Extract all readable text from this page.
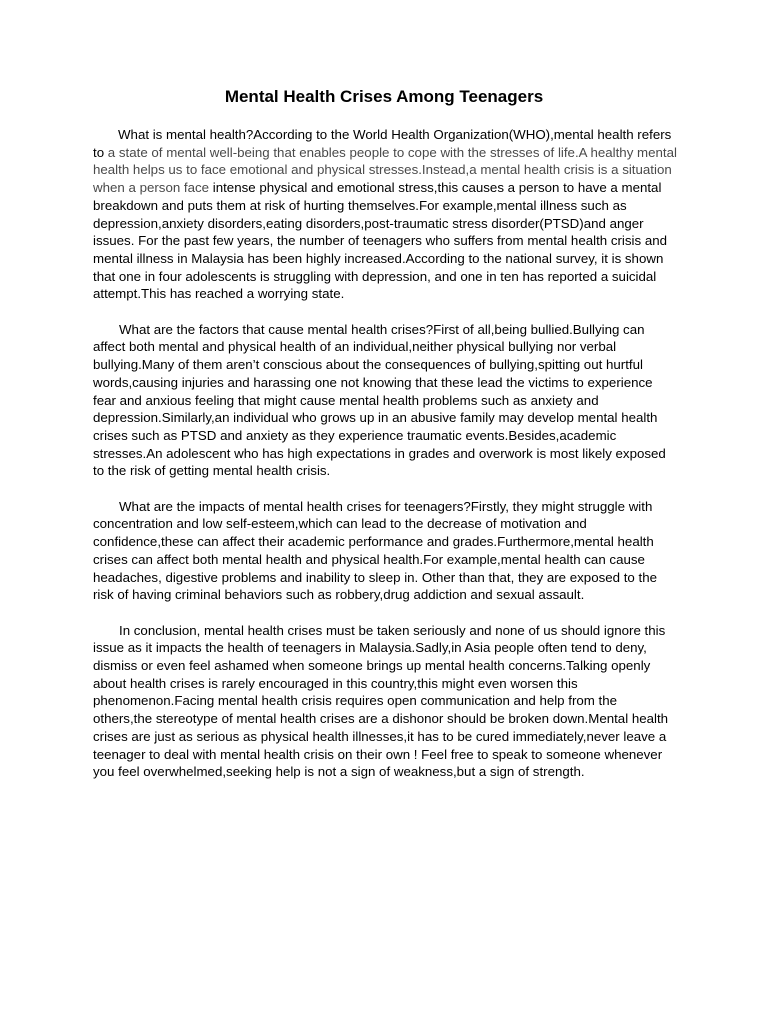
Mental Health Crises Among Teenagers

What is mental health?According to the World Health Organization(WHO),mental health refers to a state of mental well-being that enables people to cope with the stresses of life.A healthy mental health helps us to face emotional and physical stresses.Instead,a mental health crisis is a situation when a person face intense physical and emotional stress,this causes a person to have a mental breakdown and puts them at risk of hurting themselves.For example,mental illness such as depression,anxiety disorders,eating disorders,post-traumatic stress disorder(PTSD)and anger issues. For the past few years, the number of teenagers who suffers from mental health crisis and mental illness in Malaysia has been highly increased.According to the national survey, it is shown that one in four adolescents is struggling with depression, and one in ten has reported a suicidal attempt.This has reached a worrying state.

What are the factors that cause mental health crises?First of all,being bullied.Bullying can affect both mental and physical health of an individual,neither physical bullying nor verbal bullying.Many of them aren’t conscious about the consequences of bullying,spitting out hurtful words,causing injuries and harassing one not knowing that these lead the victims to experience fear and anxious feeling that might cause mental health problems such as anxiety and depression.Similarly,an individual who grows up in an abusive family may develop mental health crises such as PTSD and anxiety as they experience traumatic events.Besides,academic stresses.An adolescent who has high expectations in grades and overwork is most likely exposed to the risk of getting mental health crisis.

What are the impacts of mental health crises for teenagers?Firstly, they might struggle with concentration and low self-esteem,which can lead to the decrease of motivation and confidence,these can affect their academic performance and grades.Furthermore,mental health crises can affect both mental health and physical health.For example,mental health can cause headaches, digestive problems and inability to sleep in. Other than that, they are exposed to the risk of having criminal behaviors such as robbery,drug addiction and sexual assault.

In conclusion, mental health crises must be taken seriously and none of us should ignore this issue as it impacts the health of teenagers in Malaysia.Sadly,in Asia people often tend to deny, dismiss or even feel ashamed when someone brings up mental health concerns.Talking openly about health crises is rarely encouraged in this country,this might even worsen this phenomenon.Facing mental health crisis requires open communication and help from the others,the stereotype of mental health crises are a dishonor should be broken down.Mental health crises are just as serious as physical health illnesses,it has to be cured immediately,never leave a teenager to deal with mental health crisis on their own ! Feel free to speak to someone whenever you feel overwhelmed,seeking help is not a sign of weakness,but a sign of strength.
